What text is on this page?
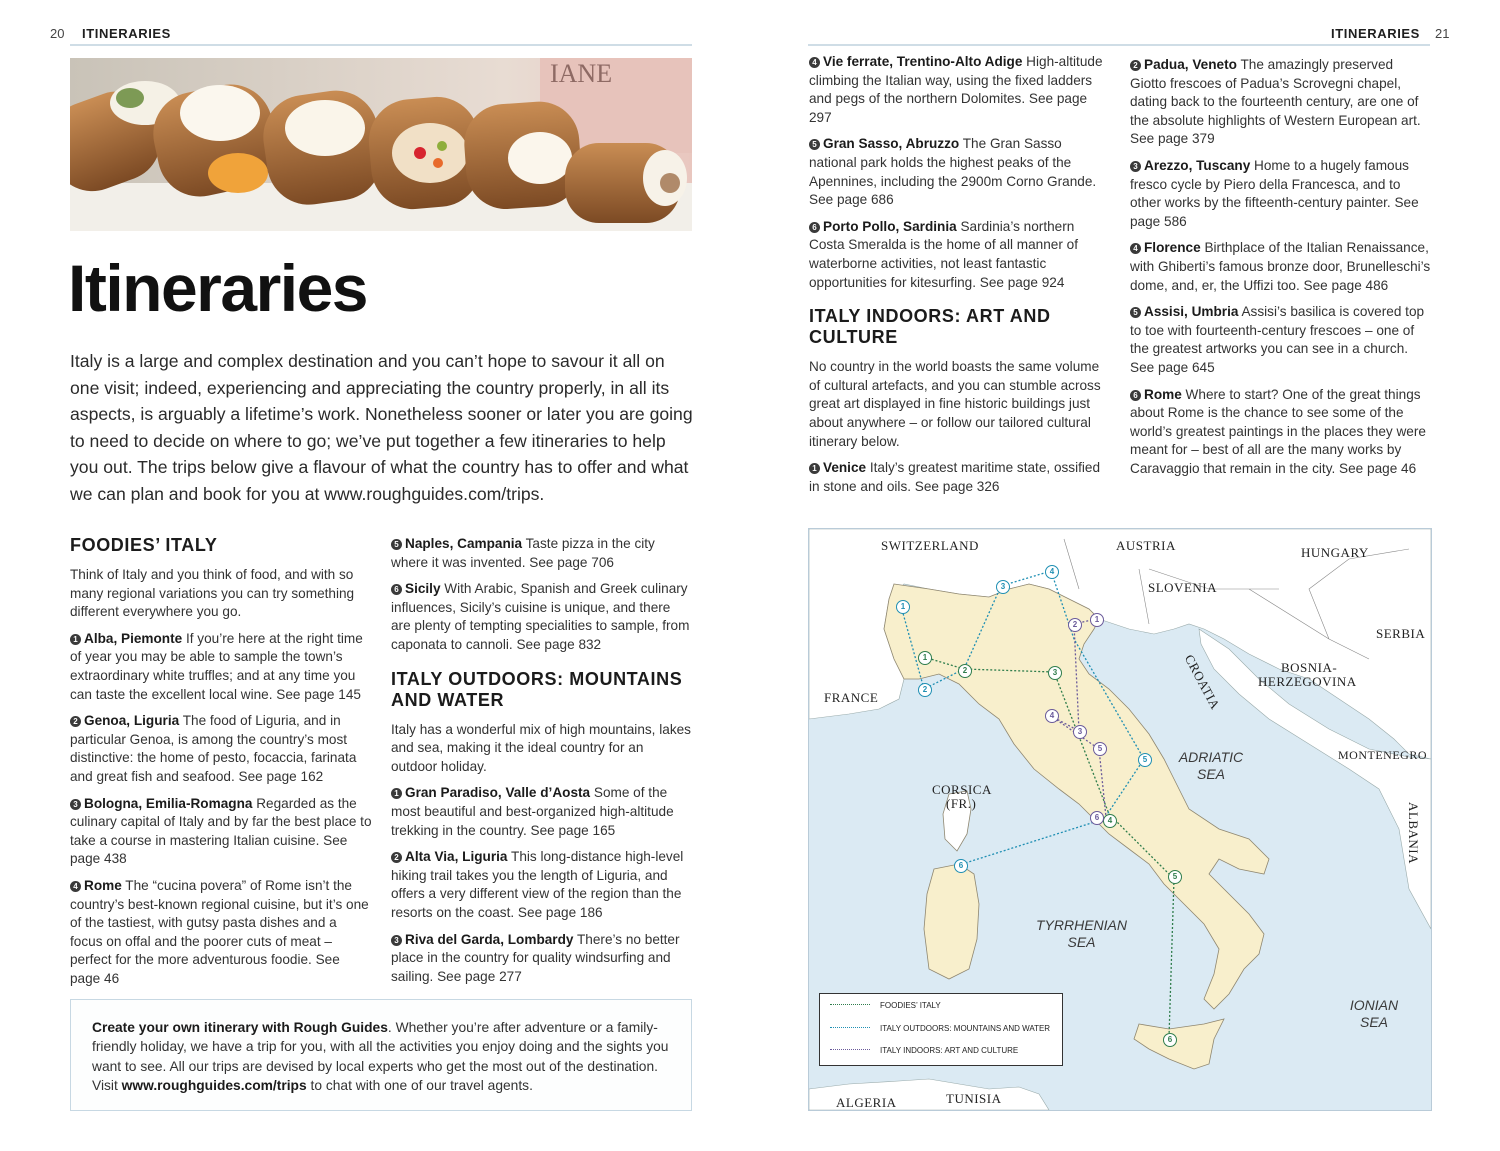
20 ITINERARIES
IANE
Itineraries
Italy is a large and complex destination and you can’t hope to savour it all on one visit; indeed, experiencing and appreciating the country properly, in all its aspects, is arguably a lifetime’s work. Nonetheless sooner or later you are going to need to decide on where to go; we’ve put together a few itineraries to help you out. The trips below give a flavour of what the country has to offer and what we can plan and book for you at www.roughguides.com/trips.
FOODIES’ ITALY
Think of Italy and you think of food, and with so many regional variations you can try something different everywhere you go.
1 Alba, Piemonte If you’re here at the right time of year you may be able to sample the town’s extraordinary white truffles; and at any time you can taste the excellent local wine. See page 145
2 Genoa, Liguria The food of Liguria, and in particular Genoa, is among the country’s most distinctive: the home of pesto, focaccia, farinata and great fish and seafood. See page 162
3 Bologna, Emilia-Romagna Regarded as the culinary capital of Italy and by far the best place to take a course in mastering Italian cuisine. See page 438
4 Rome The “cucina povera” of Rome isn’t the country’s best-known regional cuisine, but it’s one of the tastiest, with gutsy pasta dishes and a focus on offal and the poorer cuts of meat – perfect for the more adventurous foodie. See page 46
5 Naples, Campania Taste pizza in the city where it was invented. See page 706
6 Sicily With Arabic, Spanish and Greek culinary influences, Sicily’s cuisine is unique, and there are plenty of tempting specialities to sample, from caponata to cannoli. See page 832
ITALY OUTDOORS: MOUNTAINS AND WATER
Italy has a wonderful mix of high mountains, lakes and sea, making it the ideal country for an outdoor holiday.
1 Gran Paradiso, Valle d’Aosta Some of the most beautiful and best-organized high-altitude trekking in the country. See page 165
2 Alta Via, Liguria This long-distance high-level hiking trail takes you the length of Liguria, and offers a very different view of the region than the resorts on the coast. See page 186
3 Riva del Garda, Lombardy There’s no better place in the country for quality windsurfing and sailing. See page 277
Create your own itinerary with Rough Guides. Whether you’re after adventure or a family-friendly holiday, we have a trip for you, with all the activities you enjoy doing and the sights you want to see. All our trips are devised by local experts who get the most out of the destination. Visit www.roughguides.com/trips to chat with one of our travel agents.
ITINERARIES 21
4 Vie ferrate, Trentino-Alto Adige High-altitude climbing the Italian way, using the fixed ladders and pegs of the northern Dolomites. See page 297
5 Gran Sasso, Abruzzo The Gran Sasso national park holds the highest peaks of the Apennines, including the 2900m Corno Grande. See page 686
6 Porto Pollo, Sardinia Sardinia’s northern Costa Smeralda is the home of all manner of waterborne activities, not least fantastic opportunities for kitesurfing. See page 924
ITALY INDOORS: ART AND CULTURE
No country in the world boasts the same volume of cultural artefacts, and you can stumble across great art displayed in fine historic buildings just about anywhere – or follow our tailored cultural itinerary below.
1 Venice Italy’s greatest maritime state, ossified in stone and oils. See page 326
2 Padua, Veneto The amazingly preserved Giotto frescoes of Padua’s Scrovegni chapel, dating back to the fourteenth century, are one of the absolute highlights of Western European art. See page 379
3 Arezzo, Tuscany Home to a hugely famous fresco cycle by Piero della Francesca, and to other works by the fifteenth-century painter. See page 586
4 Florence Birthplace of the Italian Renaissance, with Ghiberti’s famous bronze door, Brunelleschi’s dome, and, er, the Uffizi too. See page 486
5 Assisi, Umbria Assisi’s basilica is covered top to toe with fourteenth-century frescoes – one of the greatest artworks you can see in a church. See page 645
6 Rome Where to start? One of the great things about Rome is the chance to see some of the world’s greatest paintings in the places they were meant for – best of all are the many works by Caravaggio that remain in the city. See page 46
1
2
3
4
5
6
1
2	3
4
5
6
1
2
3
4
5
6
SWITZERLAND	AUSTRIA	HUNGARY
SLOVENIA
CROATIA
SERBIA
BOSNIA-
HERZEGOVINA
FRANCE
MONTENEGRO
CORSICA
(FR.)	ALBANIA
ALGERIA	TUNISIA
ADRIATIC
SEA
TYRRHENIAN
SEA
IONIAN
SEA
FOODIES’ ITALY
ITALY OUTDOORS: MOUNTAINS AND WATER
ITALY INDOORS: ART AND CULTURE
